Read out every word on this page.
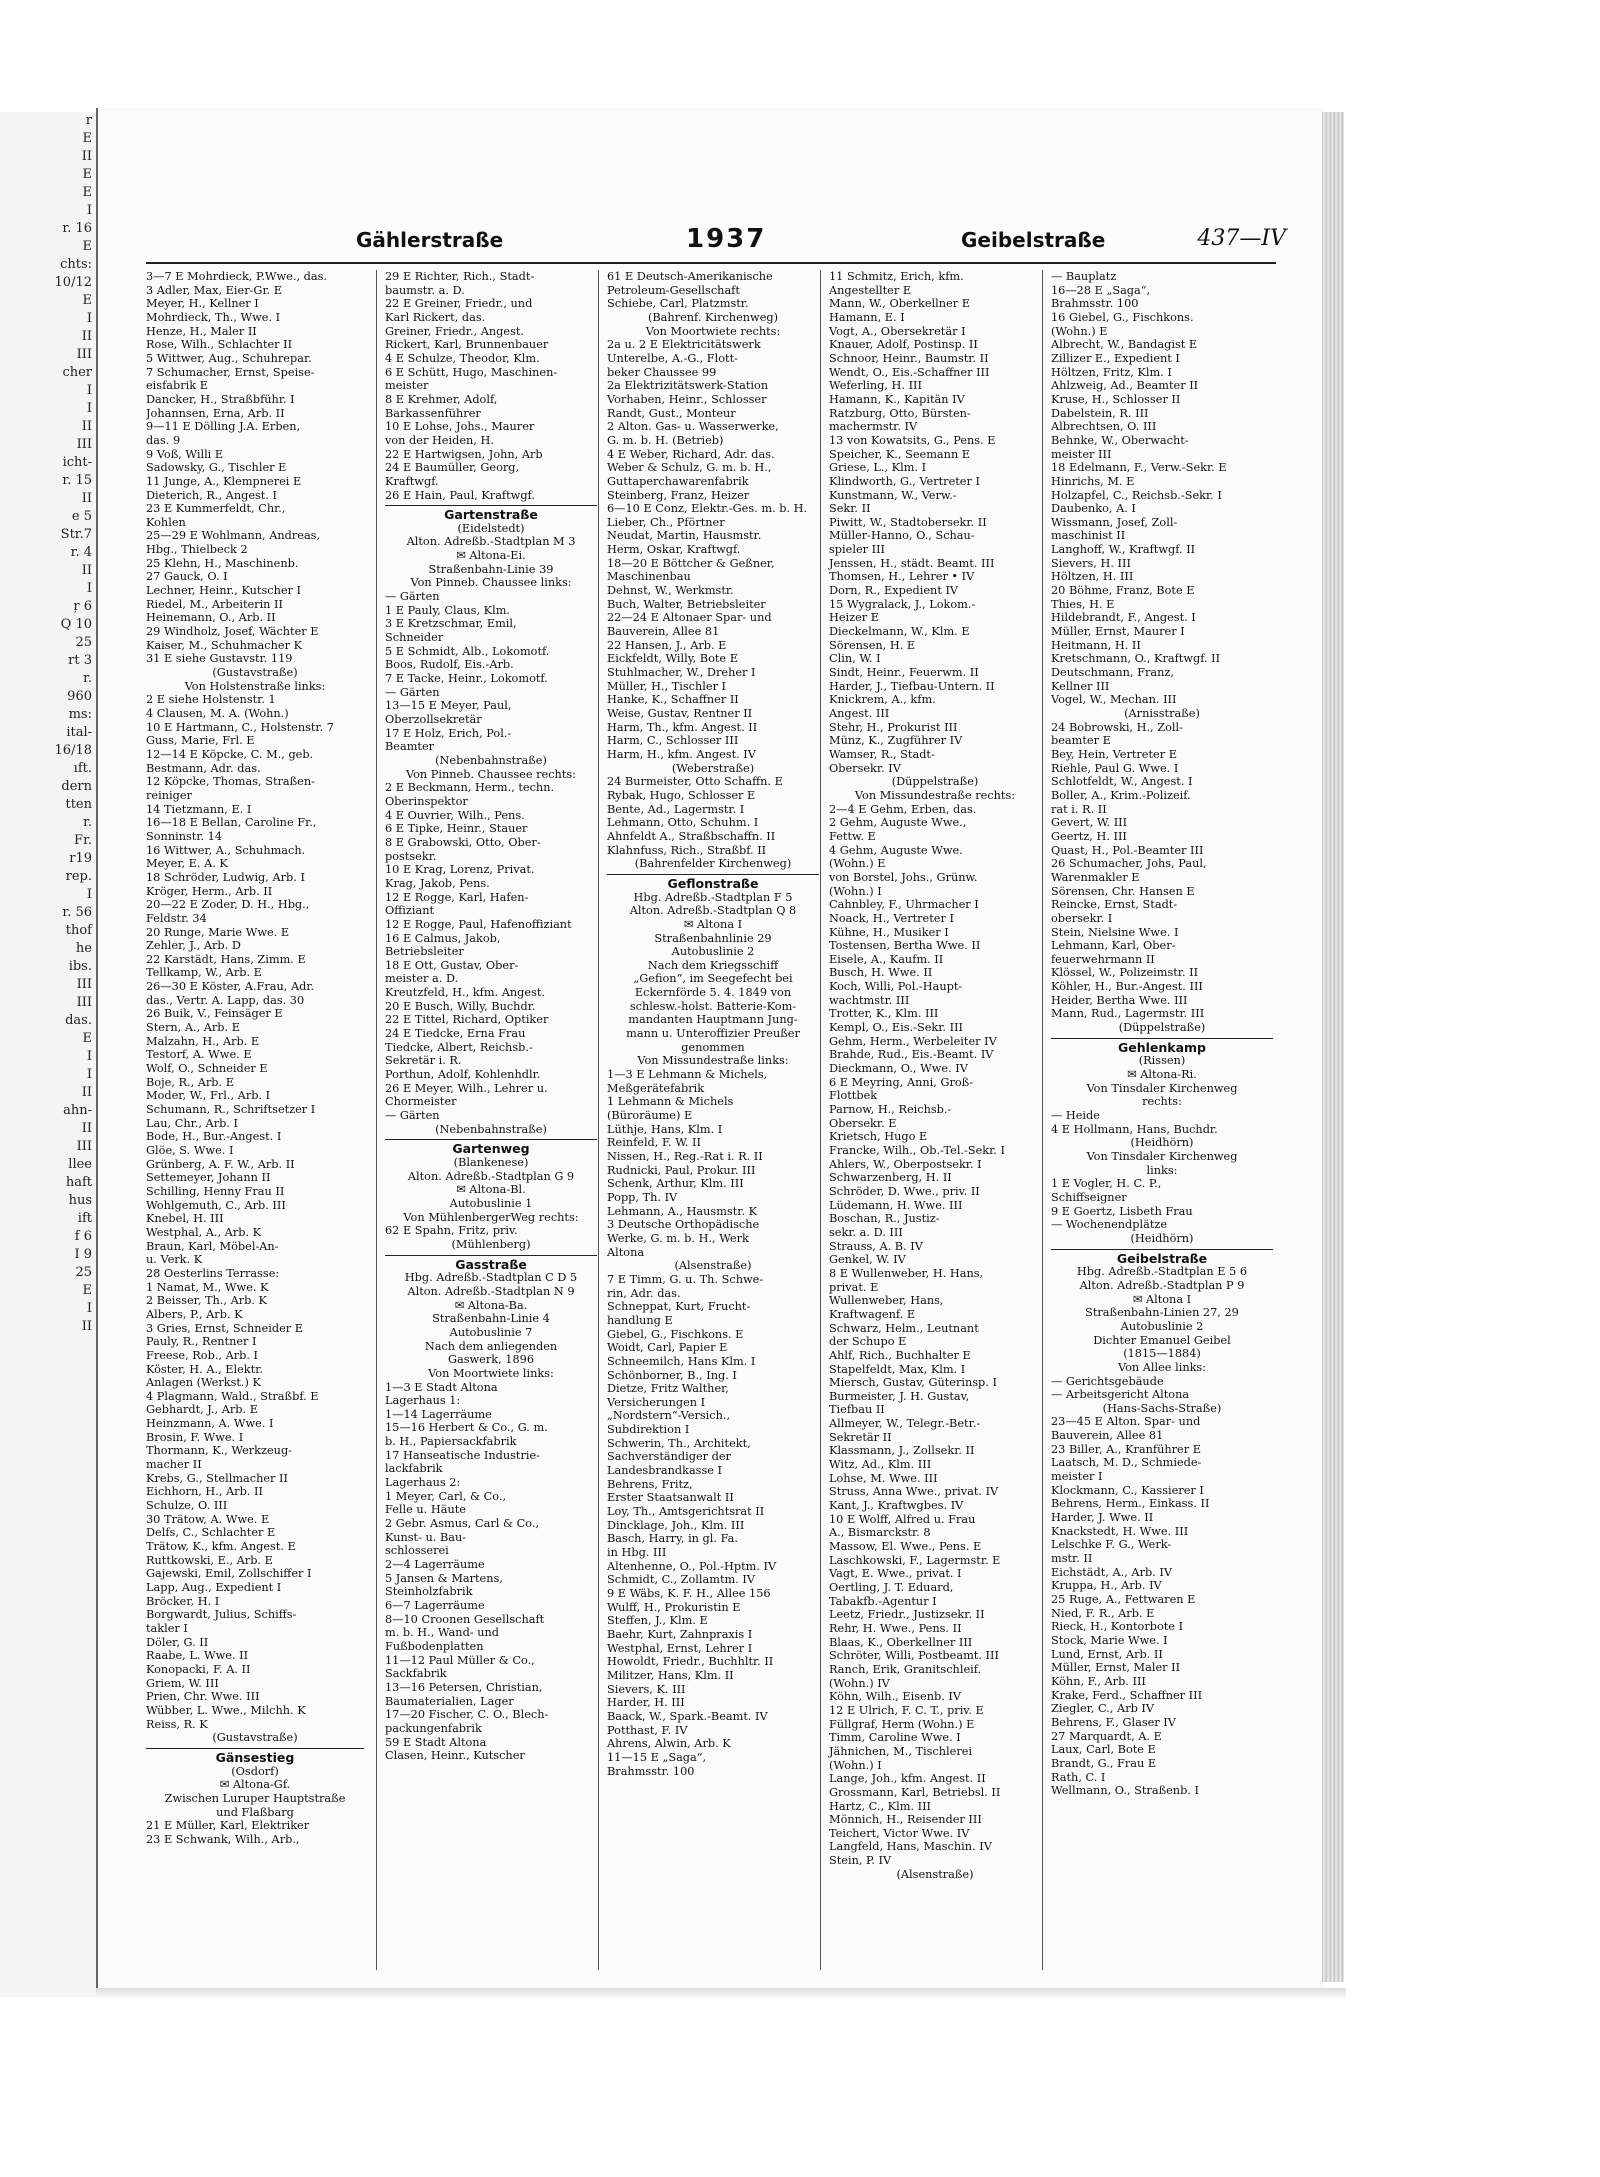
r
E
II
E
E
I
r. 16
E
chts:
10/12
E
I
II
III
cher
I
I
II
III
icht-
r. 15
II
e 5
Str.7
r. 4
II
I
ŗ 6
Q 10
25
rt 3
r.
960
ms:
ital-
16/18
ıft.
dern
tten
r.
Fr.
r19
rep.
I
r. 56
thof
he
ibs.
III
III
das.
E
I
I
II
ahn-
II
III
llee
haft
hus
ift
f 6
I 9
25
E
I
II
Gählerstraße	1937	Geibelstraße	437—IV
3—7 E Mohrdieck, P.Wwe., das.
3 Adler, Max, Eier-Gr. E
Meyer, H., Kellner I
Mohrdieck, Th., Wwe. I
Henze, H., Maler II
Rose, Wilh., Schlachter II
5 Wittwer, Aug., Schuhrepar.
7 Schumacher, Ernst, Speise-
eisfabrik E
Dancker, H., Straßbführ. I
Johannsen, Erna, Arb. II
9—11 E Dölling J.A. Erben,
das. 9
9 Voß, Willi E
Sadowsky, G., Tischler E
11 Junge, A., Klempnerei E
Dieterich, R., Angest. I
23 E Kummerfeldt, Chr.,
Kohlen
25—29 E Wohlmann, Andreas,
Hbg., Thielbeck 2
25 Klehn, H., Maschinenb.
27 Gauck, O. I
Lechner, Heinr., Kutscher I
Riedel, M., Arbeiterin II
Heinemann, O., Arb. II
29 Windholz, Josef, Wächter E
Kaiser, M., Schuhmacher K
31 E siehe Gustavstr. 119
(Gustavstraße)
Von Holstenstraße links:
2 E siehe Holstenstr. 1
4 Clausen, M. A. (Wohn.)
10 E Hartmann, C., Holstenstr. 7
Guss, Marie, Frl. E
12—14 E Köpcke, C. M., geb.
Bestmann, Adr. das.
12 Köpcke, Thomas, Straßen-
reiniger
14 Tietzmann, E. I
16—18 E Bellan, Caroline Fr.,
Sonninstr. 14
16 Wittwer, A., Schuhmach.
Meyer, E. A. K
18 Schröder, Ludwig, Arb. I
Kröger, Herm., Arb. II
20—22 E Zoder, D. H., Hbg.,
Feldstr. 34
20 Runge, Marie Wwe. E
Zehler, J., Arb. D
22 Karstädt, Hans, Zimm. E
Tellkamp, W., Arb. E
26—30 E Köster, A.Frau, Adr.
das., Vertr. A. Lapp, das. 30
26 Buik, V., Feinsäger E
Stern, A., Arb. E
Malzahn, H., Arb. E
Testorf, A. Wwe. E
Wolf, O., Schneider E
Boje, R., Arb. E
Moder, W., Frl., Arb. I
Schumann, R., Schriftsetzer I
Lau, Chr., Arb. I
Bode, H., Bur.-Angest. I
Glöe, S. Wwe. I
Grünberg, A. F. W., Arb. II
Settemeyer, Johann II
Schilling, Henny Frau II
Wohlgemuth, C., Arb. III
Knebel, H. III
Westphal, A., Arb. K
Braun, Karl, Möbel-An-
u. Verk. K
28 Oesterlins Terrasse:
1 Namat, M., Wwe. K
2 Beisser, Th., Arb. K
Albers, P., Arb. K
3 Gries, Ernst, Schneider E
Pauly, R., Rentner I
Freese, Rob., Arb. I
Köster, H. A., Elektr.
Anlagen (Werkst.) K
4 Plagmann, Wald., Straßbf. E
Gebhardt, J., Arb. E
Heinzmann, A. Wwe. I
Brosin, F. Wwe. I
Thormann, K., Werkzeug-
macher II
Krebs, G., Stellmacher II
Eichhorn, H., Arb. II
Schulze, O. III
30 Trätow, A. Wwe. E
Delfs, C., Schlachter E
Trätow, K., kfm. Angest. E
Ruttkowski, E., Arb. E
Gajewski, Emil, Zollschiffer I
Lapp, Aug., Expedient I
Bröcker, H. I
Borgwardt, Julius, Schiffs-
takler I
Döler, G. II
Raabe, L. Wwe. II
Konopacki, F. A. II
Griem, W. III
Prien, Chr. Wwe. III
Wübber, L. Wwe., Milchh. K
Reiss, R. K
(Gustavstraße)
Gänsestieg
(Osdorf)
✉ Altona-Gf.
Zwischen Luruper Hauptstraße
und Flaßbarg
21 E Müller, Karl, Elektriker
23 E Schwank, Wilh., Arb.,
29 E Richter, Rich., Stadt-
baumstr. a. D.
22 E Greiner, Friedr., und
Karl Rickert, das.
Greiner, Friedr., Angest.
Rickert, Karl, Brunnenbauer
4 E Schulze, Theodor, Klm.
6 E Schütt, Hugo, Maschinen-
meister
8 E Krehmer, Adolf,
Barkassenführer
10 E Lohse, Johs., Maurer
von der Heiden, H.
22 E Hartwigsen, John, Arb
24 E Baumüller, Georg,
Kraftwgf.
26 E Hain, Paul, Kraftwgf.
Gartenstraße
(Eidelstedt)
Alton. Adreßb.-Stadtplan M 3
✉ Altona-Ei.
Straßenbahn-Linie 39
Von Pinneb. Chaussee links:
— Gärten
1 E Pauly, Claus, Klm.
3 E Kretzschmar, Emil,
Schneider
5 E Schmidt, Alb., Lokomotf.
Boos, Rudolf, Eis.-Arb.
7 E Tacke, Heinr., Lokomotf.
— Gärten
13—15 E Meyer, Paul,
Oberzollsekretär
17 E Holz, Erich, Pol.-
Beamter
(Nebenbahnstraße)
Von Pinneb. Chaussee rechts:
2 E Beckmann, Herm., techn.
Oberinspektor
4 E Ouvrier, Wilh., Pens.
6 E Tipke, Heinr., Stauer
8 E Grabowski, Otto, Ober-
postsekr.
10 E Krag, Lorenz, Privat.
Krag, Jakob, Pens.
12 E Rogge, Karl, Hafen-
Offiziant
12 E Rogge, Paul, Hafenoffiziant
16 E Calmus, Jakob,
Betriebsleiter
18 E Ott, Gustav, Ober-
meister a. D.
Kreutzfeld, H., kfm. Angest.
20 E Busch, Willy, Buchdr.
22 E Tittel, Richard, Optiker
24 E Tiedcke, Erna Frau
Tiedcke, Albert, Reichsb.-
Sekretär i. R.
Porthun, Adolf, Kohlenhdlr.
26 E Meyer, Wilh., Lehrer u.
Chormeister
— Gärten
(Nebenbahnstraße)
Gartenweg
(Blankenese)
Alton. Adreßb.-Stadtplan G 9
✉ Altona-Bl.
Autobuslinie 1
Von MühlenbergerWeg rechts:
62 E Spahn, Fritz, priv.
(Mühlenberg)
Gasstraße
Hbg. Adreßb.-Stadtplan C D 5
Alton. Adreßb.-Stadtplan N 9
✉ Altona-Ba.
Straßenbahn-Linie 4
Autobuslinie 7
Nach dem anliegenden
Gaswerk, 1896
Von Moortwiete links:
1—3 E Stadt Altona
Lagerhaus 1:
1—14 Lagerräume
15—16 Herbert & Co., G. m.
b. H., Papiersackfabrik
17 Hanseatische Industrie-
lackfabrik
Lagerhaus 2:
1 Meyer, Carl, & Co.,
Felle u. Häute
2 Gebr. Asmus, Carl & Co.,
Kunst- u. Bau-
schlosserei
2—4 Lagerräume
5 Jansen & Martens,
Steinholzfabrik
6—7 Lagerräume
8—10 Croonen Gesellschaft
m. b. H., Wand- und
Fußbodenplatten
11—12 Paul Müller & Co.,
Sackfabrik
13—16 Petersen, Christian,
Baumaterialien, Lager
17—20 Fischer, C. O., Blech-
packungenfabrik
59 E Stadt Altona
Clasen, Heinr., Kutscher
61 E Deutsch-Amerikanische
Petroleum-Gesellschaft
Schiebe, Carl, Platzmstr.
(Bahrenf. Kirchenweg)
Von Moortwiete rechts:
2a u. 2 E Elektricitätswerk
Unterelbe, A.-G., Flott-
beker Chaussee 99
2a Elektrizitätswerk-Station
Vorhaben, Heinr., Schlosser
Randt, Gust., Monteur
2 Alton. Gas- u. Wasserwerke,
G. m. b. H. (Betrieb)
4 E Weber, Richard, Adr. das.
Weber & Schulz, G. m. b. H.,
Guttaperchawarenfabrik
Steinberg, Franz, Heizer
6—10 E Conz, Elektr.-Ges. m. b. H.
Lieber, Ch., Pförtner
Neudat, Martin, Hausmstr.
Herm, Oskar, Kraftwgf.
18—20 E Böttcher & Geßner,
Maschinenbau
Dehnst, W., Werkmstr.
Buch, Walter, Betriebsleiter
22—24 E Altonaer Spar- und
Bauverein, Allee 81
22 Hansen, J., Arb. E
Eickfeldt, Willy, Bote E
Stuhlmacher, W., Dreher I
Müller, H., Tischler I
Hanke, K., Schaffner II
Weise, Gustav, Rentner II
Harm, Th., kfm. Angest. II
Harm, C., Schlosser III
Harm, H., kfm. Angest. IV
(Weberstraße)
24 Burmeister, Otto Schaffn. E
Rybak, Hugo, Schlosser E
Bente, Ad., Lagermstr. I
Lehmann, Otto, Schuhm. I
Ahnfeldt A., Straßbschaffn. II
Klahnfuss, Rich., Straßbf. II
(Bahrenfelder Kirchenweg)
Geflonstraße
Hbg. Adreßb.-Stadtplan F 5
Alton. Adreßb.-Stadtplan Q 8
✉ Altona I
Straßenbahnlinie 29
Autobuslinie 2
Nach dem Kriegsschiff
„Gefion“, im Seegefecht bei
Eckernförde 5. 4. 1849 von
schlesw.-holst. Batterie-Kom-
mandanten Hauptmann Jung-
mann u. Unteroffizier Preußer
genommen
Von Missundestraße links:
1—3 E Lehmann & Michels,
Meßgerätefabrik
1 Lehmann & Michels
(Büroräume) E
Lüthje, Hans, Klm. I
Reinfeld, F. W. II
Nissen, H., Reg.-Rat i. R. II
Rudnicki, Paul, Prokur. III
Schenk, Arthur, Klm. III
Popp, Th. IV
Lehmann, A., Hausmstr. K
3 Deutsche Orthopädische
Werke, G. m. b. H., Werk
Altona
(Alsenstraße)
7 E Timm, G. u. Th. Schwe-
rin, Adr. das.
Schneppat, Kurt, Frucht-
handlung E
Giebel, G., Fischkons. E
Woidt, Carl, Papier E
Schneemilch, Hans Klm. I
Schönborner, B., Ing. I
Dietze, Fritz Walther,
Versicherungen I
„Nordstern“-Versich.,
Subdirektion I
Schwerin, Th., Architekt,
Sachverständiger der
Landesbrandkasse I
Behrens, Fritz,
Erster Staatsanwalt II
Loy, Th., Amtsgerichtsrat II
Dincklage, Joh., Klm. III
Basch, Harry, in gl. Fa.
in Hbg. III
Altenhenne, O., Pol.-Hptm. IV
Schmidt, C., Zollamtm. IV
9 E Wäbs, K. F. H., Allee 156
Wulff, H., Prokuristin E
Steffen, J., Klm. E
Baehr, Kurt, Zahnpraxis I
Westphal, Ernst, Lehrer I
Howoldt, Friedr., Buchhltr. II
Militzer, Hans, Klm. II
Sievers, K. III
Harder, H. III
Baack, W., Spark.-Beamt. IV
Potthast, F. IV
Ahrens, Alwin, Arb. K
11—15 E „Saga“,
Brahmsstr. 100
11 Schmitz, Erich, kfm.
Angestellter E
Mann, W., Oberkellner E
Hamann, E. I
Vogt, A., Obersekretär I
Knauer, Adolf, Postinsp. II
Schnoor, Heinr., Baumstr. II
Wendt, O., Eis.-Schaffner III
Weferling, H. III
Hamann, K., Kapitän IV
Ratzburg, Otto, Bürsten-
machermstr. IV
13 von Kowatsits, G., Pens. E
Speicher, K., Seemann E
Griese, L., Klm. I
Klindworth, G., Vertreter I
Kunstmann, W., Verw.-
Sekr. II
Piwitt, W., Stadtobersekr. II
Müller-Hanno, O., Schau-
spieler III
Jenssen, H., städt. Beamt. III
Thomsen, H., Lehrer • IV
Dorn, R., Expedient IV
15 Wygralack, J., Lokom.-
Heizer E
Dieckelmann, W., Klm. E
Sörensen, H. E
Clin, W. I
Sindt, Heinr., Feuerwm. II
Harder, J., Tiefbau-Untern. II
Knickrem, A., kfm.
Angest. III
Stehr, H., Prokurist III
Münz, K., Zugführer IV
Wamser, R., Stadt-
Obersekr. IV
(Düppelstraße)
Von Missundestraße rechts:
2—4 E Gehm, Erben, das.
2 Gehm, Auguste Wwe.,
Fettw. E
4 Gehm, Auguste Wwe.
(Wohn.) E
von Borstel, Johs., Grünw.
(Wohn.) I
Cahnbley, F., Uhrmacher I
Noack, H., Vertreter I
Kühne, H., Musiker I
Tostensen, Bertha Wwe. II
Eisele, A., Kaufm. II
Busch, H. Wwe. II
Koch, Willi, Pol.-Haupt-
wachtmstr. III
Trotter, K., Klm. III
Kempl, O., Eis.-Sekr. III
Gehm, Herm., Werbeleiter IV
Brahde, Rud., Eis.-Beamt. IV
Dieckmann, O., Wwe. IV
6 E Meyring, Anni, Groß-
Flottbek
Parnow, H., Reichsb.-
Obersekr. E
Krietsch, Hugo E
Francke, Wilh., Ob.-Tel.-Sekr. I
Ahlers, W., Oberpostsekr. I
Schwarzenberg, H. II
Schröder, D. Wwe., priv. II
Lüdemann, H. Wwe. III
Boschan, R., Justiz-
sekr. a. D. III
Strauss, A. B. IV
Genkel, W. IV
8 E Wullenweber, H. Hans,
privat. E
Wullenweber, Hans,
Kraftwagenf. E
Schwarz, Helm., Leutnant
der Schupo E
Ahlf, Rich., Buchhalter E
Stapelfeldt, Max, Klm. I
Miersch, Gustav, Güterinsp. I
Burmeister, J. H. Gustav,
Tiefbau II
Allmeyer, W., Telegr.-Betr.-
Sekretär II
Klassmann, J., Zollsekr. II
Witz, Ad., Klm. III
Lohse, M. Wwe. III
Struss, Anna Wwe., privat. IV
Kant, J., Kraftwgbes. IV
10 E Wolff, Alfred u. Frau
A., Bismarckstr. 8
Massow, El. Wwe., Pens. E
Laschkowski, F., Lagermstr. E
Vagt, E. Wwe., privat. I
Oertling, J. T. Eduard,
Tabakfb.-Agentur I
Leetz, Friedr., Justizsekr. II
Rehr, H. Wwe., Pens. II
Blaas, K., Oberkellner III
Schröter, Willi, Postbeamt. III
Ranch, Erik, Granitschleif.
(Wohn.) IV
Köhn, Wilh., Eisenb. IV
12 E Ulrich, F. C. T., priv. E
Füllgraf, Herm (Wohn.) E
Timm, Caroline Wwe. I
Jähnichen, M., Tischlerei
(Wohn.) I
Lange, Joh., kfm. Angest. II
Grossmann, Karl, Betriebsl. II
Hartz, C., Klm. III
Mönnich, H., Reisender III
Teichert, Victor Wwe. IV
Langfeld, Hans, Maschin. IV
Stein, P. IV
(Alsenstraße)
— Bauplatz
16—28 E „Saga“,
Brahmsstr. 100
16 Giebel, G., Fischkons.
(Wohn.) E
Albrecht, W., Bandagist E
Zillizer E., Expedient I
Höltzen, Fritz, Klm. I
Ahlzweig, Ad., Beamter II
Kruse, H., Schlosser II
Dabelstein, R. III
Albrechtsen, O. III
Behnke, W., Oberwacht-
meister III
18 Edelmann, F., Verw.-Sekr. E
Hinrichs, M. E
Holzapfel, C., Reichsb.-Sekr. I
Daubenko, A. I
Wissmann, Josef, Zoll-
maschinist II
Langhoff, W., Kraftwgf. II
Sievers, H. III
Höltzen, H. III
20 Böhme, Franz, Bote E
Thies, H. E
Hildebrandt, F., Angest. I
Müller, Ernst, Maurer I
Heitmann, H. II
Kretschmann, O., Kraftwgf. II
Deutschmann, Franz,
Kellner III
Vogel, W., Mechan. III
(Arnisstraße)
24 Bobrowski, H., Zoll-
beamter E
Bey, Hein, Vertreter E
Riehle, Paul G. Wwe. I
Schlotfeldt, W., Angest. I
Boller, A., Krim.-Polizeif.
rat i. R. II
Gevert, W. III
Geertz, H. III
Quast, H., Pol.-Beamter III
26 Schumacher, Johs, Paul,
Warenmakler E
Sörensen, Chr. Hansen E
Reincke, Ernst, Stadt-
obersekr. I
Stein, Nielsine Wwe. I
Lehmann, Karl, Ober-
feuerwehrmann II
Klössel, W., Polizeimstr. II
Köhler, H., Bur.-Angest. III
Heider, Bertha Wwe. III
Mann, Rud., Lagermstr. III
(Düppelstraße)
Gehlenkamp
(Rissen)
✉ Altona-Ri.
Von Tinsdaler Kirchenweg
rechts:
— Heide
4 E Hollmann, Hans, Buchdr.
(Heidhörn)
Von Tinsdaler Kirchenweg
links:
1 E Vogler, H. C. P.,
Schiffseigner
9 E Goertz, Lisbeth Frau
— Wochenendplätze
(Heidhörn)
Geibelstraße
Hbg. Adreßb.-Stadtplan E 5 6
Alton. Adreßb.-Stadtplan P 9
✉ Altona I
Straßenbahn-Linien 27, 29
Autobuslinie 2
Dichter Emanuel Geibel
(1815—1884)
Von Allee links:
— Gerichtsgebäude
— Arbeitsgericht Altona
(Hans-Sachs-Straße)
23—45 E Alton. Spar- und
Bauverein, Allee 81
23 Biller, A., Kranführer E
Laatsch, M. D., Schmiede-
meister I
Klockmann, C., Kassierer I
Behrens, Herm., Einkass. II
Harder, J. Wwe. II
Knackstedt, H. Wwe. III
Lelschke F. G., Werk-
mstr. II
Eichstädt, A., Arb. IV
Kruppa, H., Arb. IV
25 Ruge, A., Fettwaren E
Nied, F. R., Arb. E
Rieck, H., Kontorbote I
Stock, Marie Wwe. I
Lund, Ernst, Arb. II
Müller, Ernst, Maler II
Köhn, F., Arb. III
Krake, Ferd., Schaffner III
Ziegler, C., Arb IV
Behrens, F., Glaser IV
27 Marquardt, A. E
Laux, Carl, Bote E
Brandt, G., Frau E
Rath, C. I
Wellmann, O., Straßenb. I
